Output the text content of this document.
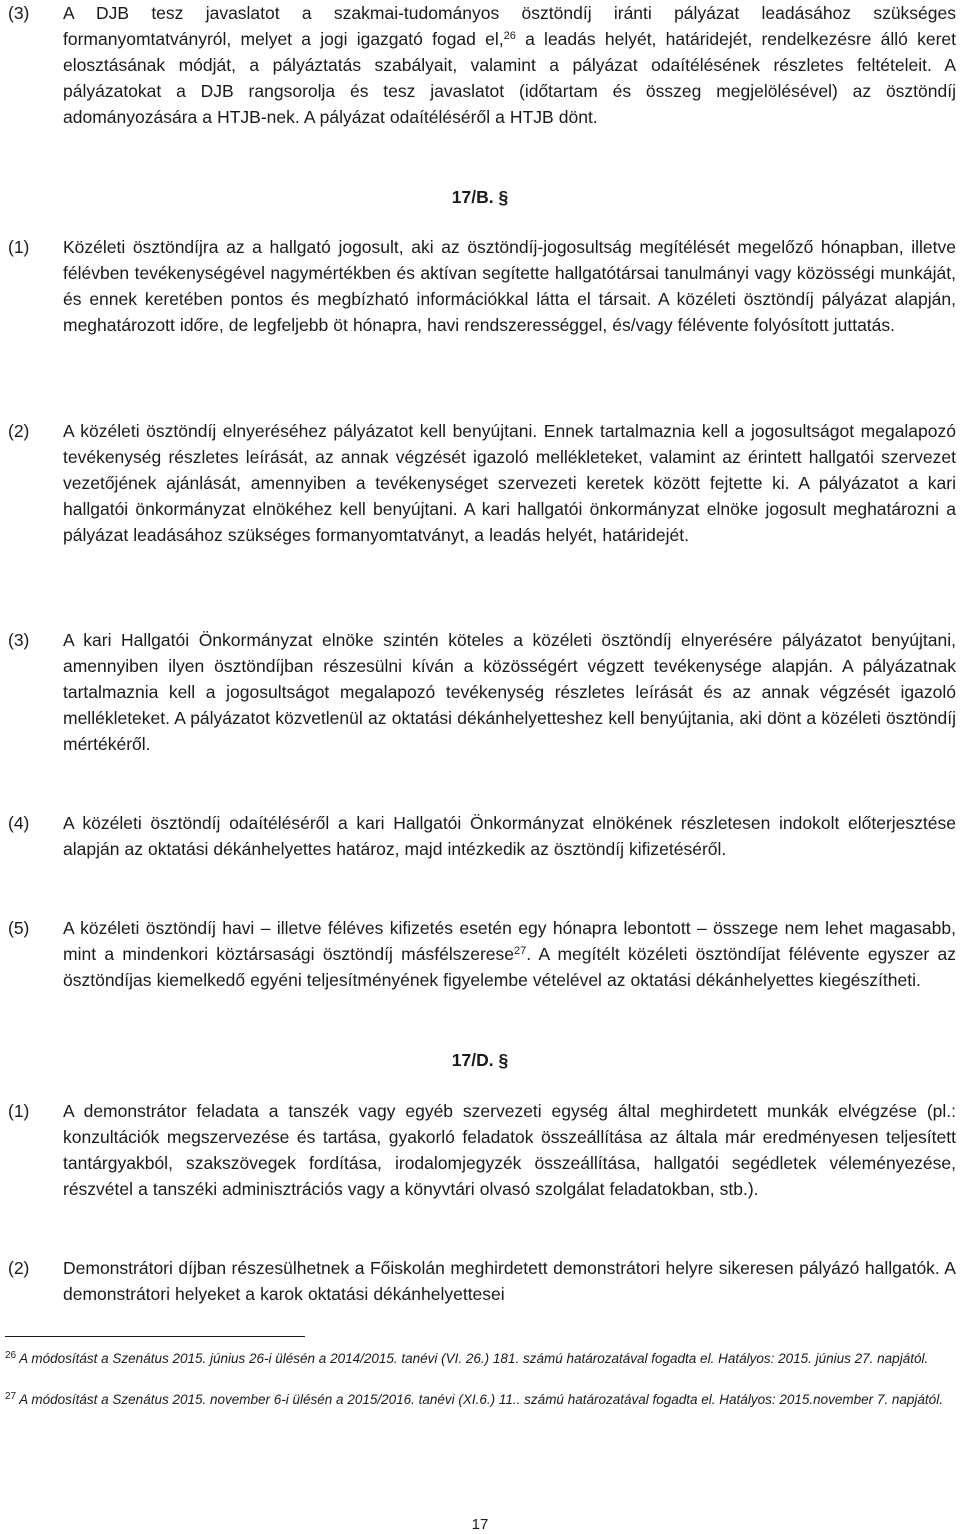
(3)	A DJB tesz javaslatot a szakmai-tudományos ösztöndíj iránti pályázat leadásához szükséges formanyomtatványról, melyet a jogi igazgató fogad el,$^{26}$ a leadás helyét, határidejét, rendelkezésre álló keret elosztásának módját, a pályáztatás szabályait, valamint a pályázat odaítélésének részletes feltételeit. A pályázatokat a DJB rangsorolja és tesz javaslatot (időtartam és összeg megjelölésével) az ösztöndíj adományozására a HTJB-nek. A pályázat odaítéléséről a HTJB dönt.
17/B. §
(1)	Közéleti ösztöndíjra az a hallgató jogosult, aki az ösztöndíj-jogosultság megítélését megelőző hónapban, illetve félévben tevékenységével nagymértékben és aktívan segítette hallgatótársai tanulmányi vagy közösségi munkáját, és ennek keretében pontos és megbízható információkkal látta el társait. A közéleti ösztöndíj pályázat alapján, meghatározott időre, de legfeljebb öt hónapra, havi rendszerességgel, és/vagy félévente folyósított juttatás.
(2)	A közéleti ösztöndíj elnyeréséhez pályázatot kell benyújtani. Ennek tartalmaznia kell a jogosultságot megalapozó tevékenység részletes leírását, az annak végzését igazoló mellékleteket, valamint az érintett hallgatói szervezet vezetőjének ajánlását, amennyiben a tevékenységet szervezeti keretek között fejtette ki. A pályázatot a kari hallgatói önkormányzat elnökéhez kell benyújtani. A kari hallgatói önkormányzat elnöke jogosult meghatározni a pályázat leadásához szükséges formanyomtatványt, a leadás helyét, határidejét.
(3)	A kari Hallgatói Önkormányzat elnöke szintén köteles a közéleti ösztöndíj elnyerésére pályázatot benyújtani, amennyiben ilyen ösztöndíjban részesülni kíván a közösségért végzett tevékenysége alapján. A pályázatnak tartalmaznia kell a jogosultságot megalapozó tevékenység részletes leírását és az annak végzését igazoló mellékleteket. A pályázatot közvetlenül az oktatási dékánhelyetteshez kell benyújtania, aki dönt a közéleti ösztöndíj mértékéről.
(4)	A közéleti ösztöndíj odaítéléséről a kari Hallgatói Önkormányzat elnökének részletesen indokolt előterjesztése alapján az oktatási dékánhelyettes határoz, majd intézkedik az ösztöndíj kifizetéséről.
(5)	A közéleti ösztöndíj havi – illetve féléves kifizetés esetén egy hónapra lebontott – összege nem lehet magasabb, mint a mindenkori köztársasági ösztöndíj másfélszerese$^{27}$. A megítélt közéleti ösztöndíjat félévente egyszer az ösztöndíjas kiemelkedő egyéni teljesítményének figyelembe vételével az oktatási dékánhelyettes kiegészítheti.
17/D. §
(1)	A demonstrátor feladata a tanszék vagy egyéb szervezeti egység által meghirdetett munkák elvégzése (pl.: konzultációk megszervezése és tartása, gyakorló feladatok összeállítása az általa már eredményesen teljesített tantárgyakból, szakszövegek fordítása, irodalomjegyzék összeállítása, hallgatói segédletek véleményezése, részvétel a tanszéki adminisztrációs vagy a könyvtári olvasó szolgálat feladatokban, stb.).
(2)	Demonstrátori díjban részesülhetnek a Főiskolán meghirdetett demonstrátori helyre sikeresen pályázó hallgatók. A demonstrátori helyeket a karok oktatási dékánhelyettesei
$^{26}$ A módosítást a Szenátus 2015. június 26-i ülésén a 2014/2015. tanévi (VI. 26.) 181. számú határozatával fogadta el. Hatályos: 2015. június 27. napjától.
$^{27}$ A módosítást a Szenátus 2015. november 6-i ülésén a 2015/2016. tanévi (XI.6.) 11.. számú határozatával fogadta el. Hatályos: 2015.november 7. napjától.
17
